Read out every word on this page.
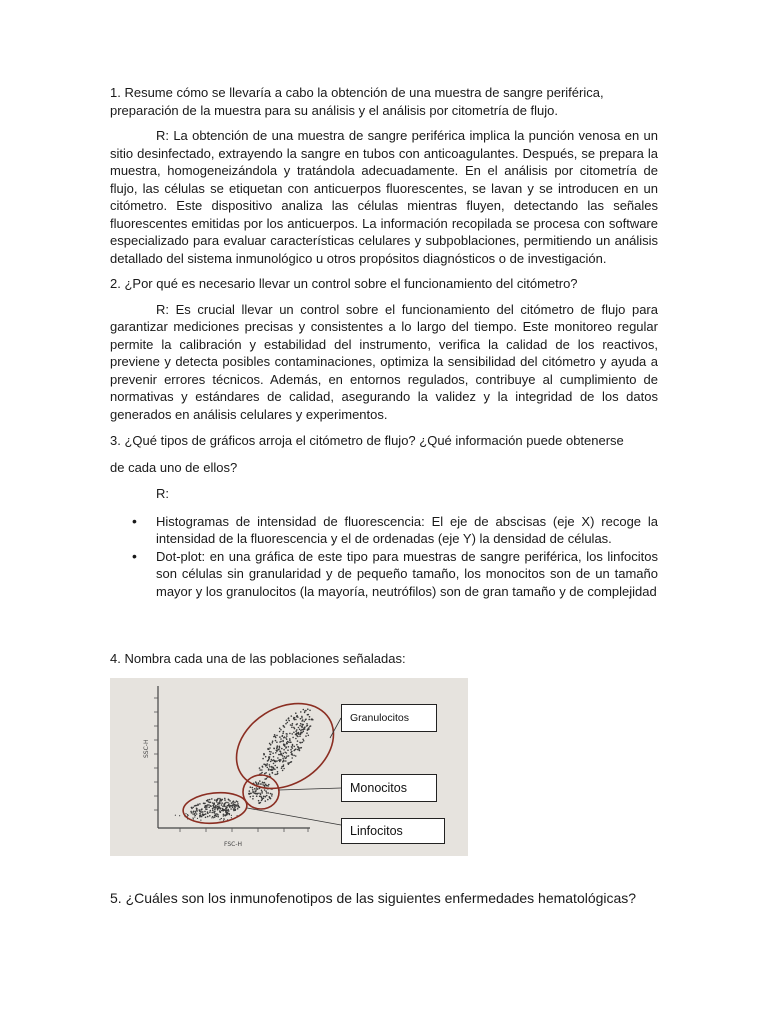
1. Resume cómo se llevaría a cabo la obtención de una muestra de sangre periférica, preparación de la muestra para su análisis y el análisis por citometría de flujo.

R: La obtención de una muestra de sangre periférica implica la punción venosa en un sitio desinfectado, extrayendo la sangre en tubos con anticoagulantes. Después, se prepara la muestra, homogeneizándola y tratándola adecuadamente. En el análisis por citometría de flujo, las células se etiquetan con anticuerpos fluorescentes, se lavan y se introducen en un citómetro. Este dispositivo analiza las células mientras fluyen, detectando las señales fluorescentes emitidas por los anticuerpos. La información recopilada se procesa con software especializado para evaluar características celulares y subpoblaciones, permitiendo un análisis detallado del sistema inmunológico u otros propósitos diagnósticos o de investigación.

2. ¿Por qué es necesario llevar un control sobre el funcionamiento del citómetro?

R: Es crucial llevar un control sobre el funcionamiento del citómetro de flujo para garantizar mediciones precisas y consistentes a lo largo del tiempo. Este monitoreo regular permite la calibración y estabilidad del instrumento, verifica la calidad de los reactivos, previene y detecta posibles contaminaciones, optimiza la sensibilidad del citómetro y ayuda a prevenir errores técnicos. Además, en entornos regulados, contribuye al cumplimiento de normativas y estándares de calidad, asegurando la validez y la integridad de los datos generados en análisis celulares y experimentos.

3. ¿Qué tipos de gráficos arroja el citómetro de flujo? ¿Qué información puede obtenerse

de cada uno de ellos?

R:

• Histogramas de intensidad de fluorescencia: El eje de abscisas (eje X) recoge la intensidad de la fluorescencia y el de ordenadas (eje Y) la densidad de células.
• Dot-plot: en una gráfica de este tipo para muestras de sangre periférica, los linfocitos son células sin granularidad y de pequeño tamaño, los monocitos son de un tamaño mayor y los granulocitos (la mayoría, neutrófilos) son de gran tamaño y de complejidad

4. Nombra cada una de las poblaciones señaladas:

SSC-H
FSC-H
Granulocitos
Monocitos
Linfocitos

5. ¿Cuáles son los inmunofenotipos de las siguientes enfermedades hematológicas?
